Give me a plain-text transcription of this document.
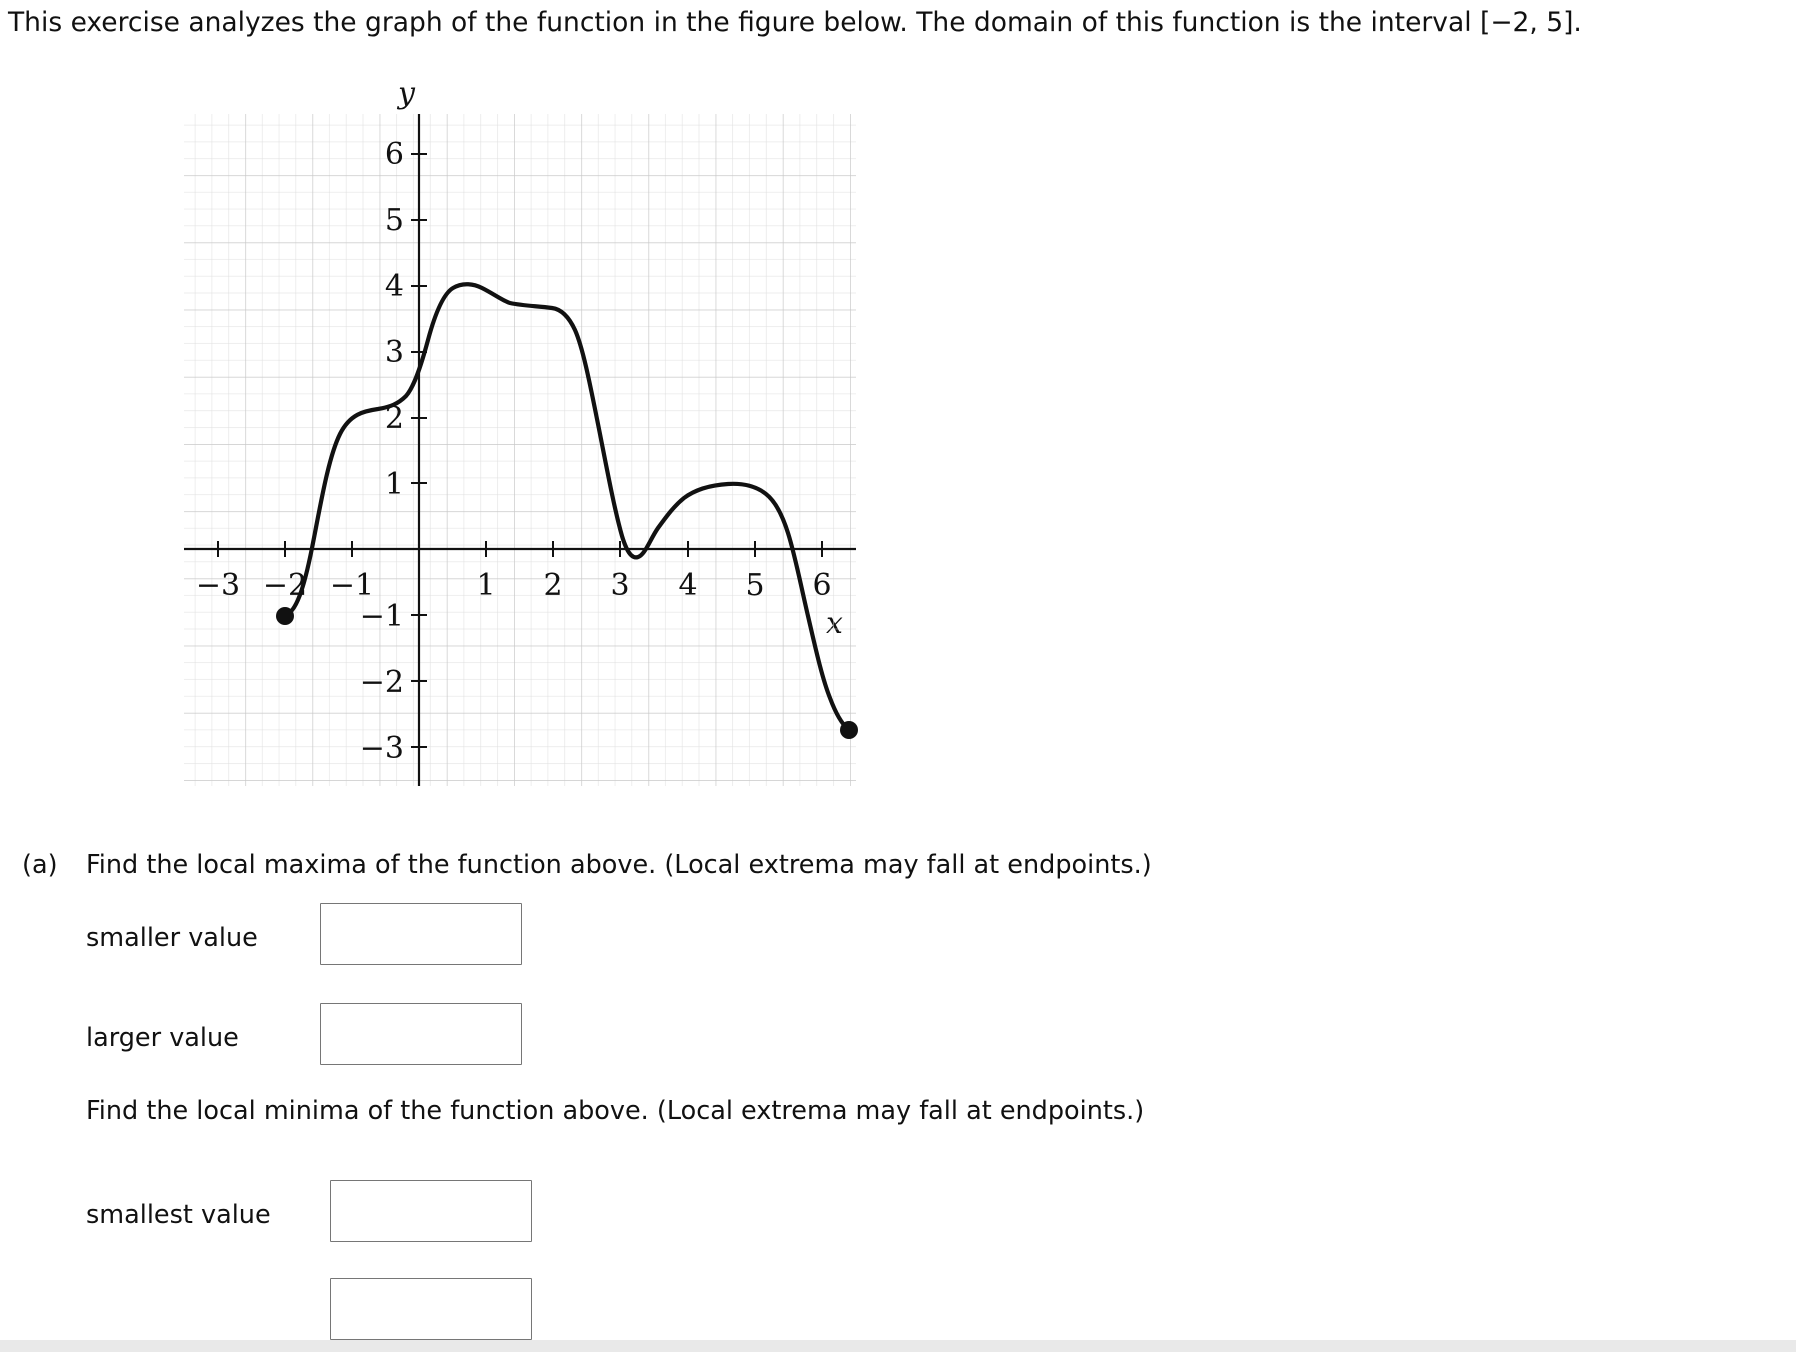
This exercise analyzes the graph of the function in the figure below. The domain of this function is the interval [−2, 5].
y
−3 −2 −1	1 2 3 4 5 6
6
5
4
3
2
1
−1
−2
−3
(a) Find the local maxima of the function above. (Local extrema may fall at endpoints.)
smaller value
larger value
Find the local minima of the function above. (Local extrema may fall at endpoints.)
smallest value
